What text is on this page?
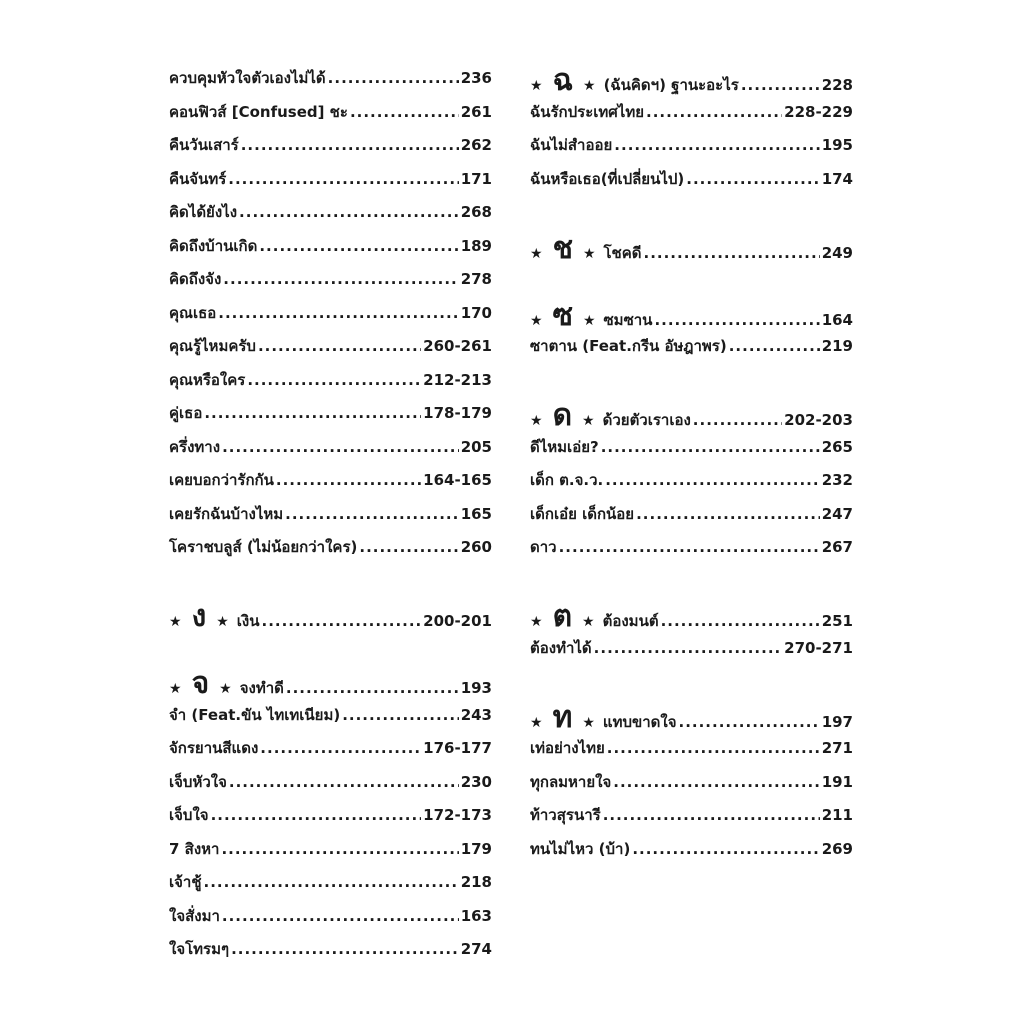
ควบคุมหัวใจตัวเองไม่ได้ .....	236
คอนฟิวส์ [Confused] ชะ .....	261
คืนวันเสาร์ .....	262
คืนจันทร์ .....	171
คิดได้ยังไง .....	268
คิดถึงบ้านเกิด .....	189
คิดถึงจัง .....	278
คุณเธอ .....	170
คุณรู้ไหมครับ .....	260-261
คุณหรือใคร .....	212-213
คู่เธอ .....	178-179
ครึ่งทาง .....	205
เคยบอกว่ารักกัน .....	164-165
เคยรักฉันบ้างไหม .....	165
โคราชบลูส์ (ไม่น้อยกว่าใคร) .....	260
★ ง ★ เงิน .....	200-201
★ จ ★ จงทำดี .....	193
จำ (Feat.ขัน ไทเทเนียม) .....	243
จักรยานสีแดง .....	176-177
เจ็บหัวใจ .....	230
เจ็บใจ .....	172-173
7 สิงหา .....	179
เจ้าชู้ .....	218
ใจสั่งมา .....	163
ใจโทรมๆ .....	274
★ ฉ ★ (ฉันคิดฯ) ฐานะอะไร .....	228
ฉันรักประเทศไทย .....	228-229
ฉันไม่สำออย .....	195
ฉันหรือเธอ(ที่เปลี่ยนไป) .....	174
★ ช ★ โชคดี .....	249
★ ซ ★ ซมซาน .....	164
ซาตาน (Feat.กรีน อัษฎาพร) .....	219
★ ด ★ ด้วยตัวเราเอง .....	202-203
ดีไหมเอ่ย? .....	265
เด็ก ต.จ.ว. .....	232
เด็กเอ๋ย เด็กน้อย .....	247
ดาว .....	267
★ ต ★ ต้องมนต์ .....	251
ต้องทำได้ .....	270-271
★ ท ★ แทบขาดใจ .....	197
เท่อย่างไทย .....	271
ทุกลมหายใจ .....	191
ท้าวสุรนารี .....	211
ทนไม่ไหว (บ้า) .....	269
